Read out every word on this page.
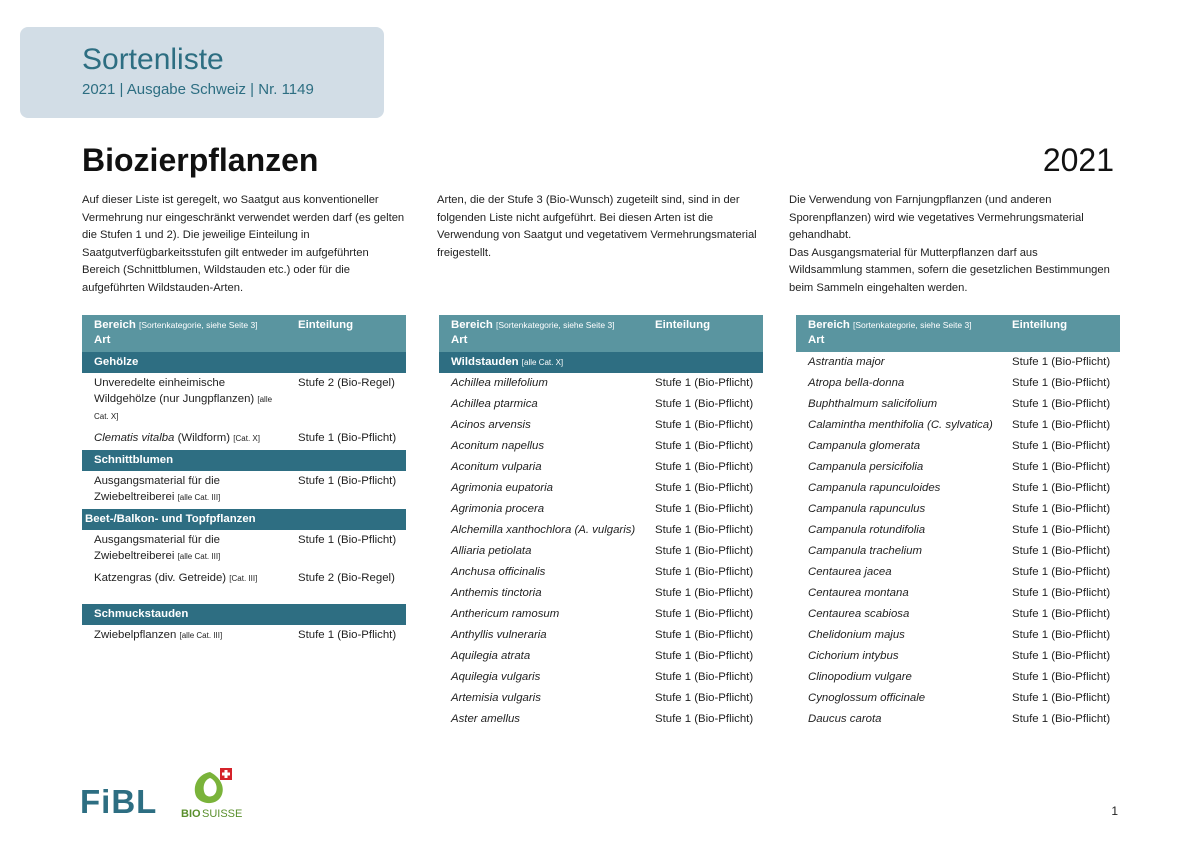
Sortenliste
2021 | Ausgabe Schweiz | Nr. 1149
Biozierpflanzen	2021

Auf dieser Liste ist geregelt, wo Saatgut aus konventioneller Vermehrung nur eingeschränkt verwendet werden darf (es gelten die Stufen 1 und 2). Die jeweilige Einteilung in Saatgutverfügbarkeitsstufen gilt entweder im aufgeführten Bereich (Schnittblumen, Wildstauden etc.) oder für die aufgeführten Wildstauden-Arten.

Arten, die der Stufe 3 (Bio-Wunsch) zugeteilt sind, sind in der folgenden Liste nicht aufgeführt. Bei diesen Arten ist die Verwendung von Saatgut und vegetativem Vermehrungsmaterial freigestellt.

Die Verwendung von Farnjungpflanzen (und anderen Sporenpflanzen) wird wie vegetatives Vermehrungsmaterial gehandhabt.

Das Ausgangsmaterial für Mutterpflanzen darf aus Wildsammlung stammen, sofern die gesetzlichen Bestimmungen beim Sammeln eingehalten werden.

Bereich [Sortenkategorie, siehe Seite 3]
Art	Einteilung
Gehölze	
Unveredelte einheimische Wildgehölze (nur Jungpflanzen) [alle Cat. X]	Stufe 2 (Bio-Regel)
Clematis vitalba (Wildform) [Cat. X]	Stufe 1 (Bio-Pflicht)
Schnittblumen	
Ausgangsmaterial für die Zwiebeltreiberei [alle Cat. III]	Stufe 1 (Bio-Pflicht)
Beet-/Balkon- und Topfpflanzen	
Ausgangsmaterial für die Zwiebeltreiberei [alle Cat. III]	Stufe 1 (Bio-Pflicht)
Katzengras (div. Getreide) [Cat. III]	Stufe 2 (Bio-Regel)

Schmuckstauden	
Zwiebelpflanzen [alle Cat. III]	Stufe 1 (Bio-Pflicht)
Bereich [Sortenkategorie, siehe Seite 3]
Art	Einteilung
Wildstauden [alle Cat. X]	
Achillea millefolium	Stufe 1 (Bio-Pflicht)
Achillea ptarmica	Stufe 1 (Bio-Pflicht)
Acinos arvensis	Stufe 1 (Bio-Pflicht)
Aconitum napellus	Stufe 1 (Bio-Pflicht)
Aconitum vulparia	Stufe 1 (Bio-Pflicht)
Agrimonia eupatoria	Stufe 1 (Bio-Pflicht)
Agrimonia procera	Stufe 1 (Bio-Pflicht)
Alchemilla xanthochlora (A. vulgaris)	Stufe 1 (Bio-Pflicht)
Alliaria petiolata	Stufe 1 (Bio-Pflicht)
Anchusa officinalis	Stufe 1 (Bio-Pflicht)
Anthemis tinctoria	Stufe 1 (Bio-Pflicht)
Anthericum ramosum	Stufe 1 (Bio-Pflicht)
Anthyllis vulneraria	Stufe 1 (Bio-Pflicht)
Aquilegia atrata	Stufe 1 (Bio-Pflicht)
Aquilegia vulgaris	Stufe 1 (Bio-Pflicht)
Artemisia vulgaris	Stufe 1 (Bio-Pflicht)
Aster amellus	Stufe 1 (Bio-Pflicht)
Bereich [Sortenkategorie, siehe Seite 3]
Art	Einteilung
Astrantia major	Stufe 1 (Bio-Pflicht)
Atropa bella-donna	Stufe 1 (Bio-Pflicht)
Buphthalmum salicifolium	Stufe 1 (Bio-Pflicht)
Calamintha menthifolia (C. sylvatica)	Stufe 1 (Bio-Pflicht)
Campanula glomerata	Stufe 1 (Bio-Pflicht)
Campanula persicifolia	Stufe 1 (Bio-Pflicht)
Campanula rapunculoides	Stufe 1 (Bio-Pflicht)
Campanula rapunculus	Stufe 1 (Bio-Pflicht)
Campanula rotundifolia	Stufe 1 (Bio-Pflicht)
Campanula trachelium	Stufe 1 (Bio-Pflicht)
Centaurea jacea	Stufe 1 (Bio-Pflicht)
Centaurea montana	Stufe 1 (Bio-Pflicht)
Centaurea scabiosa	Stufe 1 (Bio-Pflicht)
Chelidonium majus	Stufe 1 (Bio-Pflicht)
Cichorium intybus	Stufe 1 (Bio-Pflicht)
Clinopodium vulgare	Stufe 1 (Bio-Pflicht)
Cynoglossum officinale	Stufe 1 (Bio-Pflicht)
Daucus carota	Stufe 1 (Bio-Pflicht)
FiBL BIO SUISSE	1
